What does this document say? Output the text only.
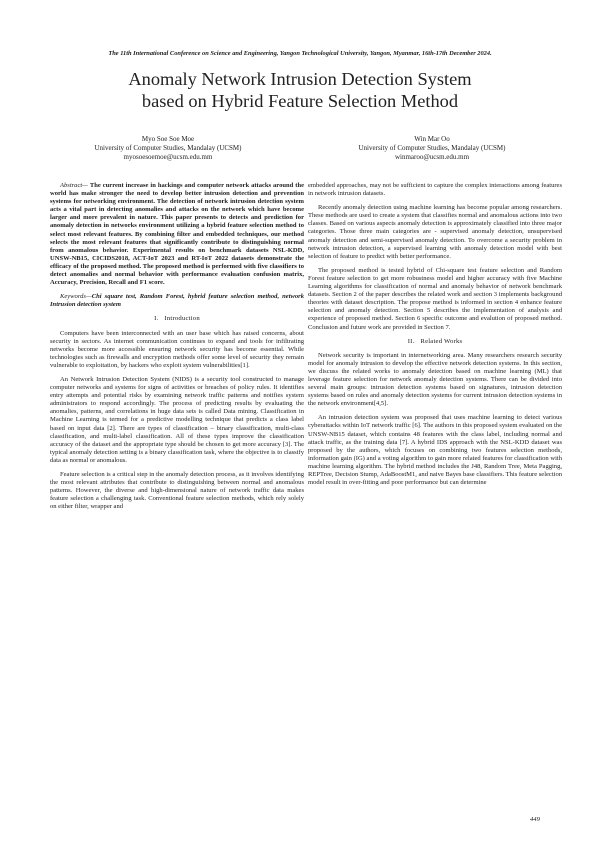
The 11th International Conference on Science and Engineering, Yangon Technological University, Yangon, Myanmar, 16th-17th December 2024.
Anomaly Network Intrusion Detection System
based on Hybrid Feature Selection Method
Myo Soe Soe Moe
University of Computer Studies, Mandalay (UCSM)
myosoesoemoe@ucsm.edu.mm
Win Mar Oo
University of Computer Studies, Mandalay (UCSM)
winmaroo@ucsm.edu.mm

Abstract— The current increase in hackings and computer network attacks around the world has make stronger the need to develop better intrusion detection and prevention systems for networking environment. The detection of network intrusion detection system acts a vital part in detecting anomalies and attacks on the network which have become larger and more prevalent in nature. This paper presents to detects and prediction for anomaly detection in networks environment utilizing a hybrid feature selection method to select most relevant features. By combining filter and embedded techniques, our method selects the most relevant features that significantly contribute to distinguishing normal from anomalous behavior. Experimental results on benchmark datasets NSL-KDD, UNSW-NB15, CICIDS2018, ACT-IoT 2023 and RT-IoT 2022 datasets demonstrate the efficacy of the proposed method. The proposed method is performed with five classifiers to detect anomalies and normal behavior with performance evaluation confusion matrix, Accuracy, Precision, Recall and F1 score.

Keywords—Chi square test, Random Forest, hybrid feature selection method, network Intrusion detection system

I. Introduction

Computers have been interconnected with an user base which has raised concerns, about security in sectors. As internet communication continues to expand and tools for infiltrating networks become more accessible ensuring network security has become essential. While technologies such as firewalls and encryption methods offer some level of security they remain vulnerable to exploitation, by hackers who exploit system vulnerabilities[1].

An Network Intrusion Detection System (NIDS) is a security tool constructed to manage computer networks and systems for signs of activities or breaches of policy rules. It identifies entry attempts and potential risks by examining network traffic patterns and notifies system administrators to respond accordingly. The process of predicting results by evaluating the anomalies, patterns, and correlations in huge data sets is called Data mining. Classification in Machine Learning is termed for a predictive modelling technique that predicts a class label based on input data [2]. There are types of classification – binary classification, multi-class classification, and multi-label classification. All of these types improve the classification accuracy of the dataset and the appropriate type should be chosen to get more accuracy [3]. The typical anomaly detection setting is a binary classification task, where the objective is to classify data as normal or anomalous.

Feature selection is a critical step in the anomaly detection process, as it involves identifying the most relevant attributes that contribute to distinguishing between normal and anomalous patterns. However, the diverse and high-dimensional nature of network traffic data makes feature selection a challenging task. Conventional feature selection methods, which rely solely on either filter, wrapper and

embedded approaches, may not be sufficient to capture the complex interactions among features in network intrusion datasets.

Recently anomaly detection using machine learning has become popular among researchers. These methods are used to create a system that classifies normal and anomalous actions into two classes. Based on various aspects anomaly detection is approximately classified into three major categories. Those three main categories are - supervised anomaly detection, unsupervised anomaly detection and semi-supervised anomaly detection. To overcome a security problem in network intrusion detection, a supervised learning with anomaly detection model with best selection of feature to predict with better performance.

The proposed method is tested hybrid of Chi-square test feature selection and Random Forest feature selection to get more robustness model and higher accuracy with five Machine Learning algorithms for classification of normal and anomaly behavior of network benchmark datasets. Section 2 of the paper describes the related work and section 3 implements background theories with dataset description. The propose method is informed in section 4 enhance feature selection and anomaly detection. Section 5 describes the implementation of analysis and experience of proposed method. Section 6 specific outcome and evalution of proposed method. Conclusion and future work are provided in Section 7.

II. Related Works

Network security is important in internetworking area. Many researchers research security model for anomaly intrusion to develop the effective network detection systems. In this section, we discuss the related works to anomaly detection based on machine learning (ML) that leverage feature selection for network anomaly detection systems. There can be divided into several main groups: intrusion detection systems based on signatures, intrusion detection systems based on rules and anomaly detection systems for current intrusion detection systems in the network environment[4,5].

An intrusion detection system was proposed that uses machine learning to detect various cyberattacks within IoT network traffic [6]. The authors in this proposed system evaluated on the UNSW-NB15 dataset, which contains 48 features with the class label, including normal and attack traffic, as the training data [7]. A hybrid IDS approach with the NSL-KDD dataset was proposed by the authors, which focuses on combining two features selection methods, information gain (IG) and a voting algorithm to gain more related features for classification with machine learning algorithm. The hybrid method includes the J48, Random Tree, Meta Pagging, REPTree, Decision Stump, AdaBoostM1, and naive Bayes base classifiers. This feature selection model result in over-fitting and poor performance but can determine

449
